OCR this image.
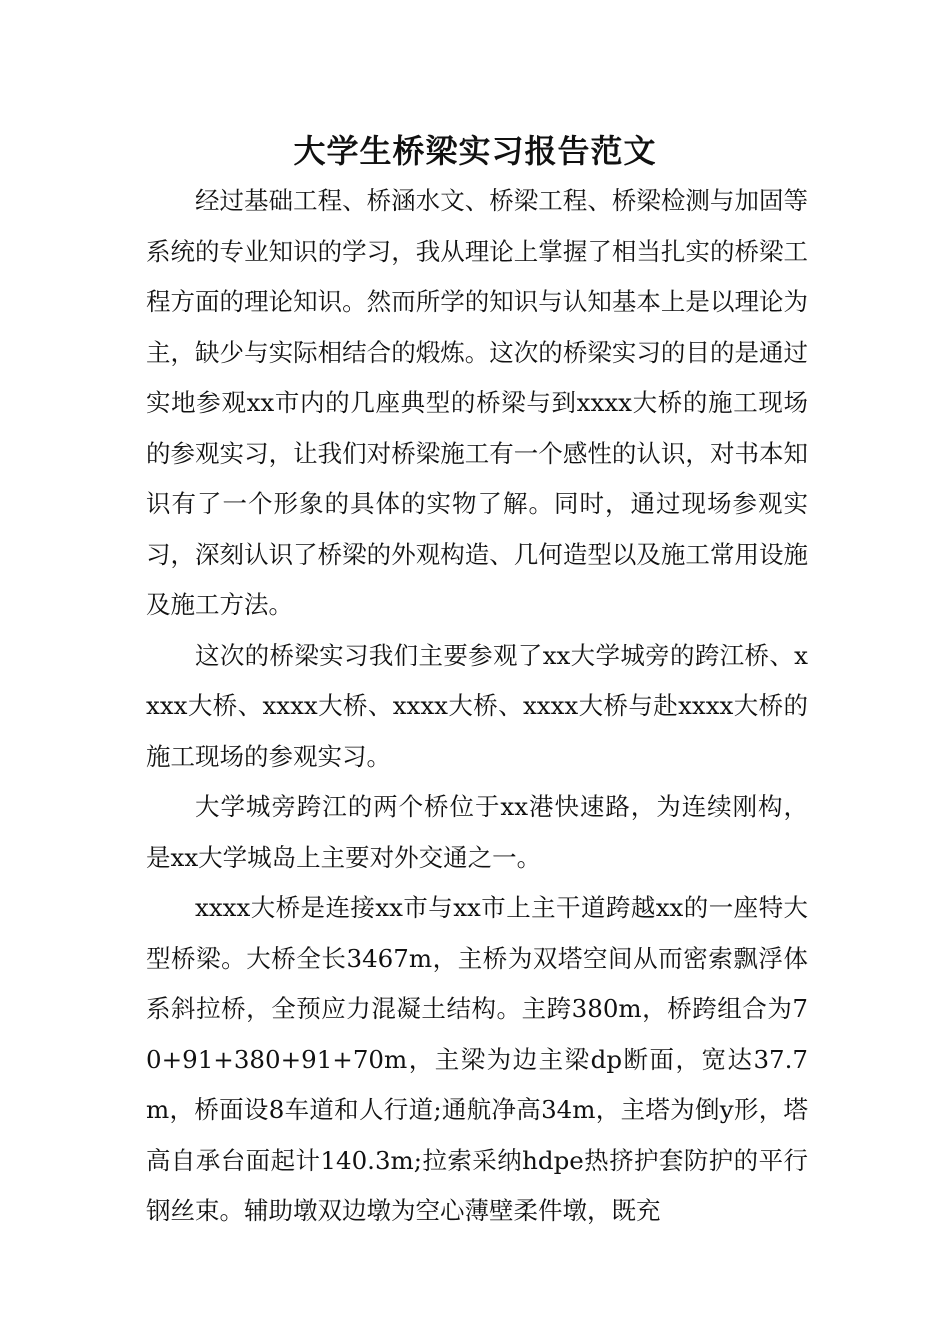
大学生桥梁实习报告范文

经过基础工程、桥涵水文、桥梁工程、桥梁检测与加固等系统的专业知识的学习，我从理论上掌握了相当扎实的桥梁工程方面的理论知识。然而所学的知识与认知基本上是以理论为主，缺少与实际相结合的煅炼。这次的桥梁实习的目的是通过实地参观xx市内的几座典型的桥梁与到xxxx大桥的施工现场的参观实习，让我们对桥梁施工有一个感性的认识，对书本知识有了一个形象的具体的实物了解。同时，通过现场参观实习，深刻认识了桥梁的外观构造、几何造型以及施工常用设施及施工方法。

这次的桥梁实习我们主要参观了xx大学城旁的跨江桥、xxxx大桥、xxxx大桥、xxxx大桥、xxxx大桥与赴xxxx大桥的施工现场的参观实习。

大学城旁跨江的两个桥位于xx港快速路，为连续刚构，是xx大学城岛上主要对外交通之一。

xxxx大桥是连接xx市与xx市上主干道跨越xx的一座特大型桥梁。大桥全长3467m，主桥为双塔空间从而密索飘浮体系斜拉桥，全预应力混凝土结构。主跨380m，桥跨组合为70+91+380+91+70m，主梁为边主梁dp断面，宽达37.7m，桥面设8车道和人行道;通航净高34m，主塔为倒y形，塔高自承台面起计140.3m;拉索采纳hdpe热挤护套防护的平行钢丝束。辅助墩双边墩为空心薄壁柔件墩，既充
